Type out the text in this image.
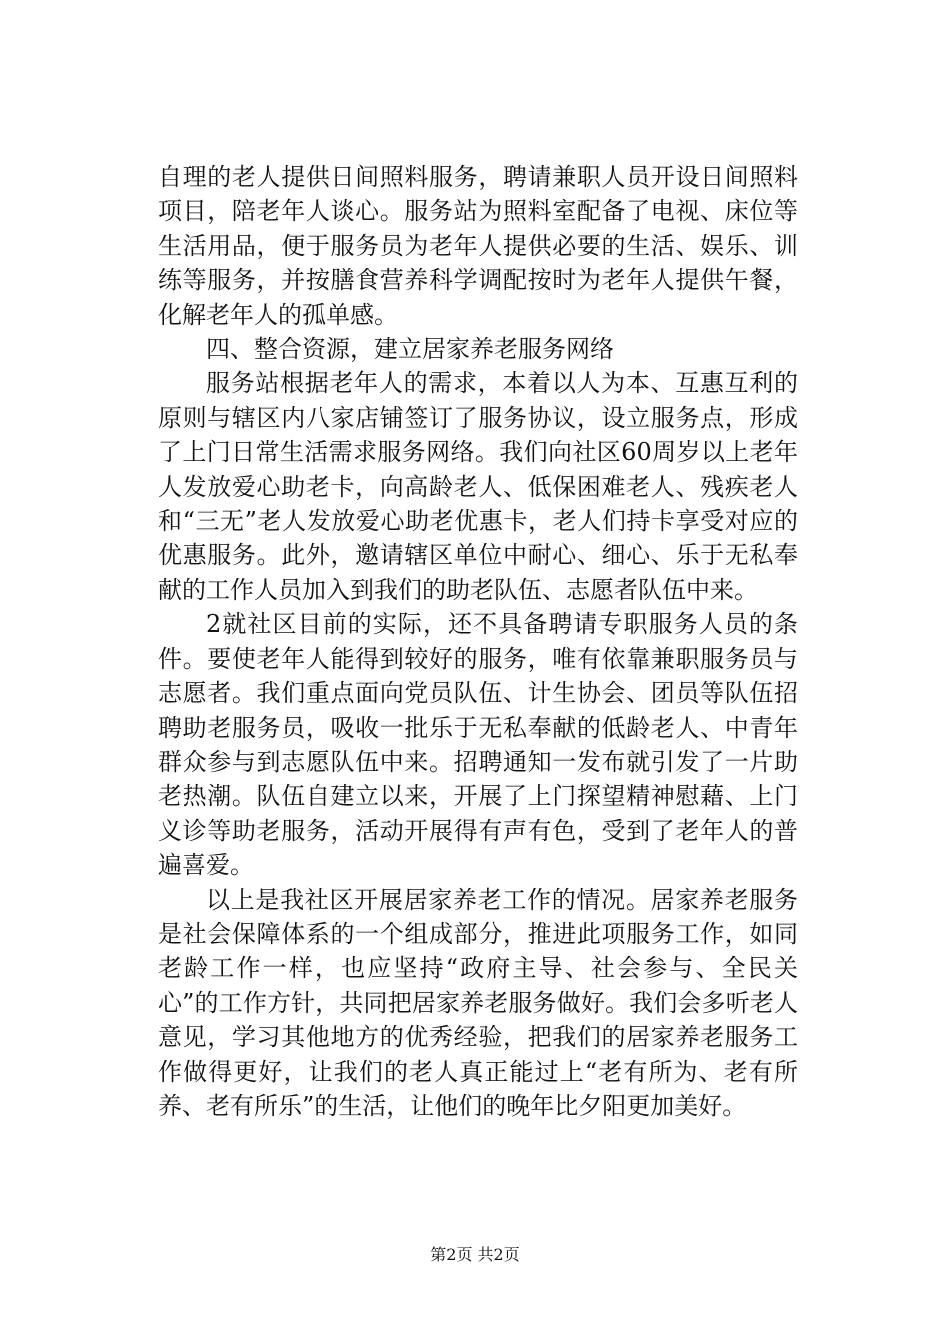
自理的老人提供日间照料服务，聘请兼职人员开设日间照料项目，陪老年人谈心。服务站为照料室配备了电视、床位等生活用品，便于服务员为老年人提供必要的生活、娱乐、训练等服务，并按膳食营养科学调配按时为老年人提供午餐，化解老年人的孤单感。

四、整合资源，建立居家养老服务网络

服务站根据老年人的需求，本着以人为本、互惠互利的原则与辖区内八家店铺签订了服务协议，设立服务点，形成了上门日常生活需求服务网络。我们向社区60周岁以上老年人发放爱心助老卡，向高龄老人、低保困难老人、残疾老人和“三无”老人发放爱心助老优惠卡，老人们持卡享受对应的优惠服务。此外，邀请辖区单位中耐心、细心、乐于无私奉献的工作人员加入到我们的助老队伍、志愿者队伍中来。

2就社区目前的实际，还不具备聘请专职服务人员的条件。要使老年人能得到较好的服务，唯有依靠兼职服务员与志愿者。我们重点面向党员队伍、计生协会、团员等队伍招聘助老服务员，吸收一批乐于无私奉献的低龄老人、中青年群众参与到志愿队伍中来。招聘通知一发布就引发了一片助老热潮。队伍自建立以来，开展了上门探望精神慰藉、上门义诊等助老服务，活动开展得有声有色，受到了老年人的普遍喜爱。

以上是我社区开展居家养老工作的情况。居家养老服务是社会保障体系的一个组成部分，推进此项服务工作，如同老龄工作一样，也应坚持“政府主导、社会参与、全民关心”的工作方针，共同把居家养老服务做好。我们会多听老人意见，学习其他地方的优秀经验，把我们的居家养老服务工作做得更好，让我们的老人真正能过上“老有所为、老有所养、老有所乐”的生活，让他们的晚年比夕阳更加美好。

第2页 共2页
